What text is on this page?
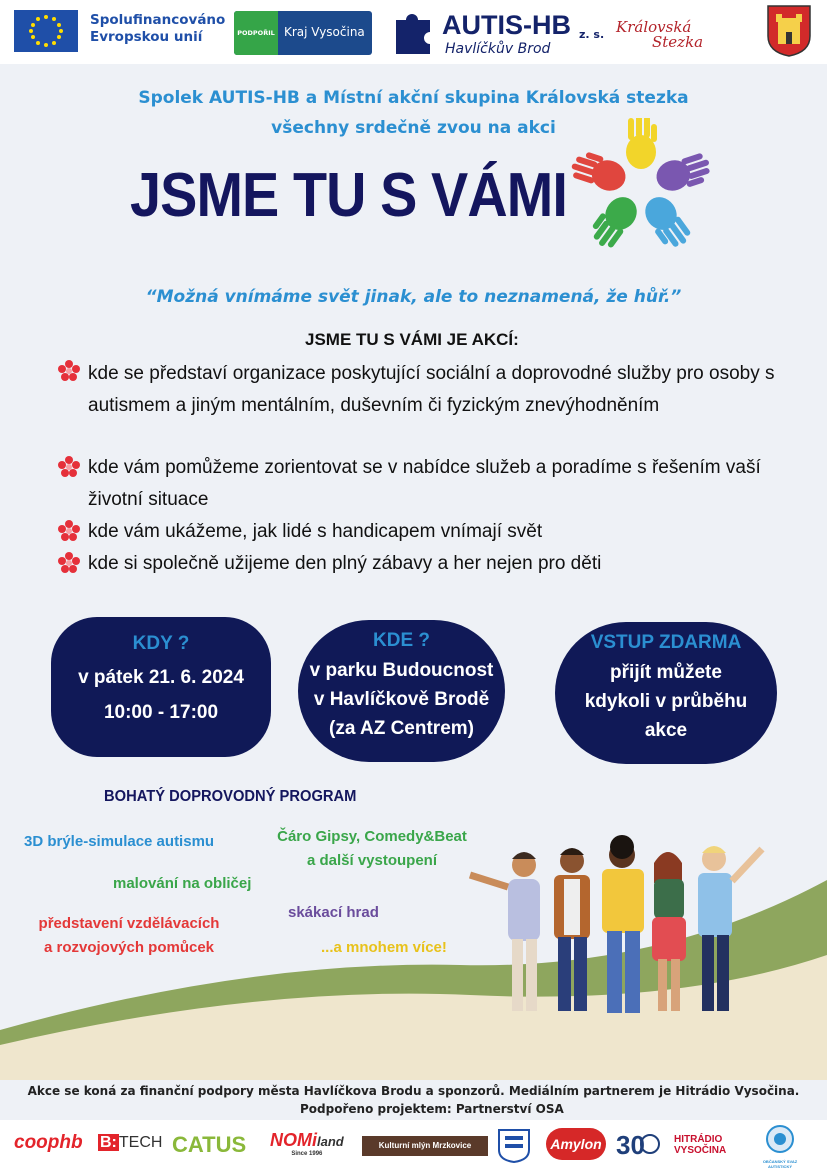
Spolufinancováno
Evropskou unií	PODPOŘIL Kraj Vysočina	AUTIS-HB z. s.
Havlíčkův Brod
Královská
Stezka
Spolek AUTIS-HB a Místní akční skupina Královská stezka
všechny srdečně zvou na akci
JSME TU S VÁMI
“Možná vnímáme svět jinak, ale to neznamená, že hůř.”
JSME TU S VÁMI JE AKCÍ:
kde se představí organizace poskytující sociální a doprovodné služby pro osoby s autismem a jiným mentálním, duševním či fyzickým znevýhodněním
kde vám pomůžeme zorientovat se v nabídce služeb a poradíme s řešením vaší životní situace
kde vám ukážeme, jak lidé s handicapem vnímají svět
kde si společně užijeme den plný zábavy a her nejen pro děti
KDY ?
v pátek 21. 6. 2024
10:00 - 17:00
KDE ?
v parku Budoucnost
v Havlíčkově Brodě
(za AZ Centrem)
VSTUP ZDARMA
přijít můžete
kdykoli v průběhu
akce
BOHATÝ DOPROVODNÝ PROGRAM
3D brýle-simulace autismu	Čáro Gipsy, Comedy&Beat
a další vystoupení
malování na obličej
představení vzdělávacích
a rozvojových pomůcek
skákací hrad
...a mnohem více!
Akce se koná za finanční podpory města Havlíčkova Brodu a sponzorů. Mediálním partnerem je Hitrádio Vysočina.
Podpořeno projektem: Partnerství OSA
coophb B: TECH CATUS NOMiland
Since 1996
Kulturní mlýn Mrzkovice	Amylon 30	HITRÁDIO
VYSOČINA
OBČANSKÝ SVAZ AUTISTICKÝ
